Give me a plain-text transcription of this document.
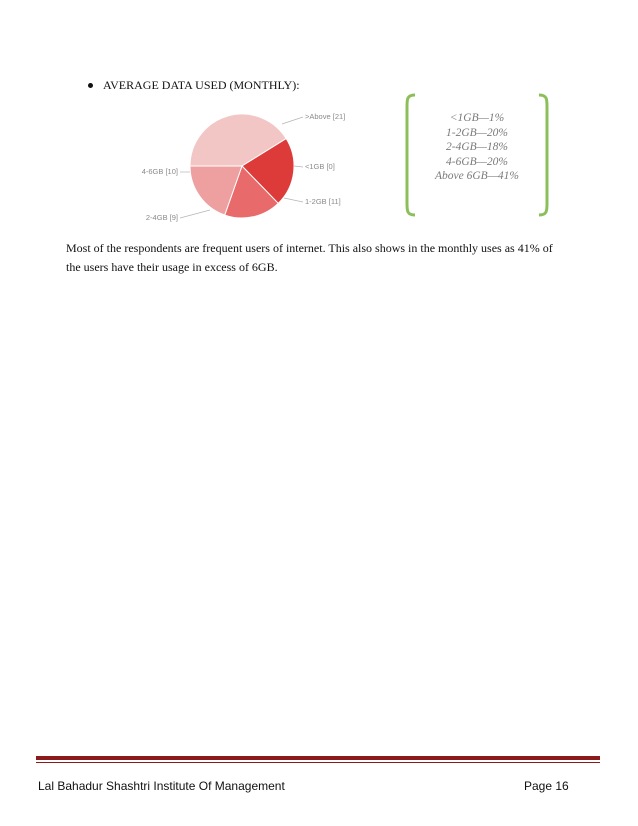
AVERAGE DATA USED (MONTHLY):
>Above [21]
<1GB [0]
1-2GB [11]
2-4GB [9]
4-6GB [10]
<1GB—1%
1-2GB—20%
2-4GB—18%
4-6GB—20%
Above 6GB—41%
Most of the respondents are frequent users of internet. This also shows in the monthly uses as 41% of the users have their usage in excess of 6GB.
Lal Bahadur Shashtri Institute Of Management	Page 16
